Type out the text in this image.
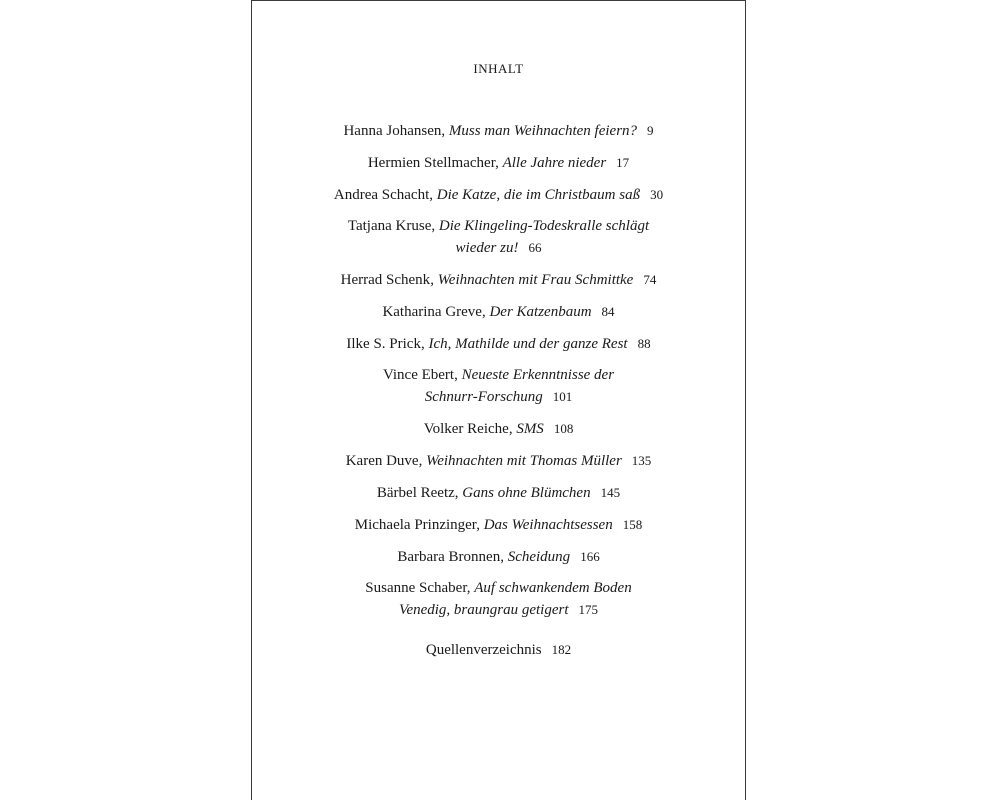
INHALT
Hanna Johansen, Muss man Weihnachten feiern? 9
Hermien Stellmacher, Alle Jahre nieder 17
Andrea Schacht, Die Katze, die im Christbaum saß 30
Tatjana Kruse, Die Klingeling-Todeskralle schlägt
wieder zu! 66
Herrad Schenk, Weihnachten mit Frau Schmittke 74
Katharina Greve, Der Katzenbaum 84
Ilke S. Prick, Ich, Mathilde und der ganze Rest 88
Vince Ebert, Neueste Erkenntnisse der
Schnurr-Forschung 101
Volker Reiche, SMS 108
Karen Duve, Weihnachten mit Thomas Müller 135
Bärbel Reetz, Gans ohne Blümchen 145
Michaela Prinzinger, Das Weihnachtsessen 158
Barbara Bronnen, Scheidung 166
Susanne Schaber, Auf schwankendem Boden
Venedig, braungrau getigert 175
Quellenverzeichnis 182
